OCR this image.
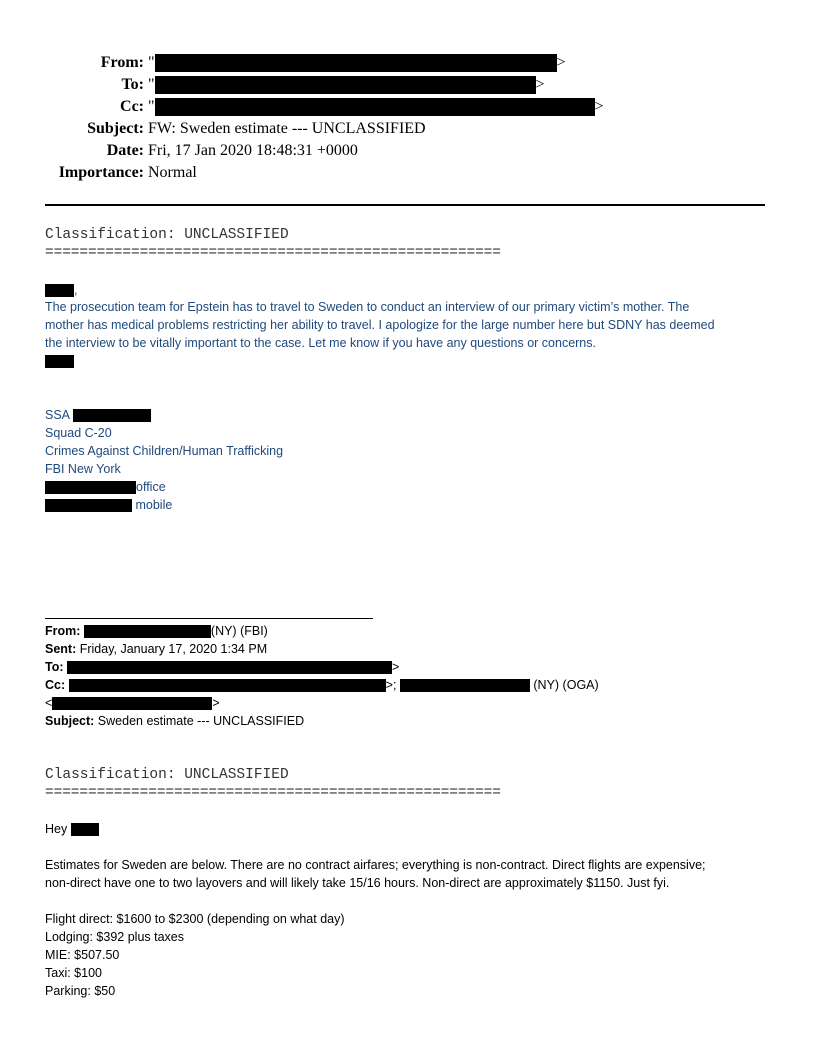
From: "	>
To: "	>
Cc: "	>
Subject: FW: Sweden estimate --- UNCLASSIFIED
Date: Fri, 17 Jan 2020 18:48:31 +0000
Importance: Normal
Classification: UNCLASSIFIED
=====================================================
,
The prosecution team for Epstein has to travel to Sweden to conduct an interview of our primary victim’s mother. The
mother has medical problems restricting her ability to travel. I apologize for the large number here but SDNY has deemed
the interview to be vitally important to the case. Let me know if you have any questions or concerns.
SSA
Squad C-20
Crimes Against Children/Human Trafficking
FBI New York
office
mobile
From:	(NY) (FBI)
Sent: Friday, January 17, 2020 1:34 PM
To:	>
Cc:	>;	(NY) (OGA)
<	>
Subject: Sweden estimate --- UNCLASSIFIED
Classification: UNCLASSIFIED
=====================================================
Hey
Estimates for Sweden are below. There are no contract airfares; everything is non-contract. Direct flights are expensive;
non-direct have one to two layovers and will likely take 15/16 hours. Non-direct are approximately $1150. Just fyi.
Flight direct: $1600 to $2300 (depending on what day)
Lodging: $392 plus taxes
MIE: $507.50
Taxi: $100
Parking: $50
